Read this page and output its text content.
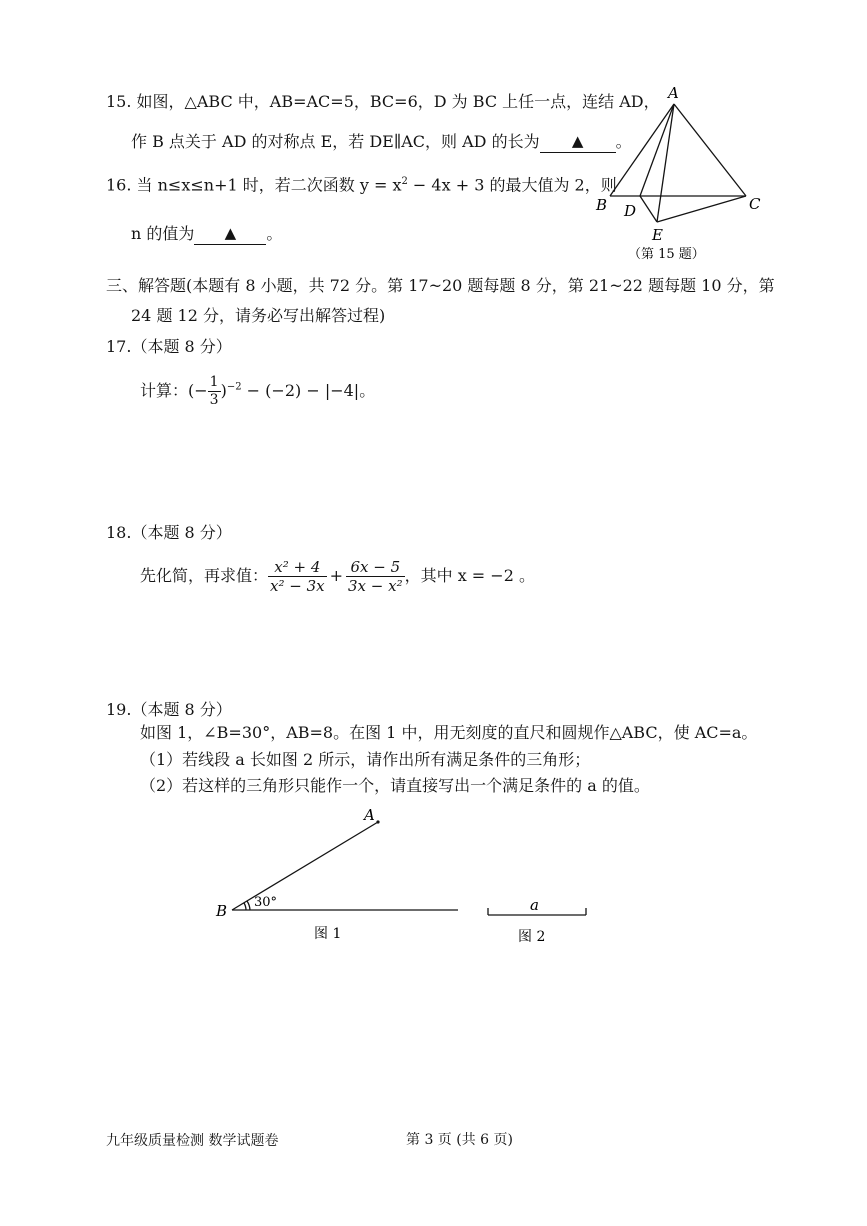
15. 如图，△ABC 中，AB=AC=5，BC=6，D 为 BC 上任一点，连结 AD，
作 B 点关于 AD 的对称点 E，若 DE∥AC，则 AD 的长为 ▲ 。
A
B	C
D
E
（第 15 题）
16. 当 n≤x≤n+1 时，若二次函数 $y = x^2 - 4x + 3$ 的最大值为 2，则
n 的值为 ▲ 。
三、解答题(本题有 8 小题，共 72 分。第 17~20 题每题 8 分，第 21~22 题每题 10 分，第
24 题 12 分，请务必写出解答过程)
17.（本题 8 分）
计算：(− $\frac{1}{3} )^{-2} - (-2) - |-4|$。
18.（本题 8 分）
先化简，再求值： $\frac{\text{x² + 4}}{\text{x² − 3x}} + \frac{6x - 5}{\text{3x − x²}}$ ，其中 x = −2 。
19.（本题 8 分）
如图 1，∠B=30°，AB=8。在图 1 中，用无刻度的直尺和圆规作△ABC，使 AC=a。
（1）若线段 a 长如图 2 所示，请作出所有满足条件的三角形；
（2）若这样的三角形只能作一个，请直接写出一个满足条件的 a 的值。
A
B 30°
图 1
a
图 2
九年级质量检测 数学试题卷	第 3 页 (共 6 页)
